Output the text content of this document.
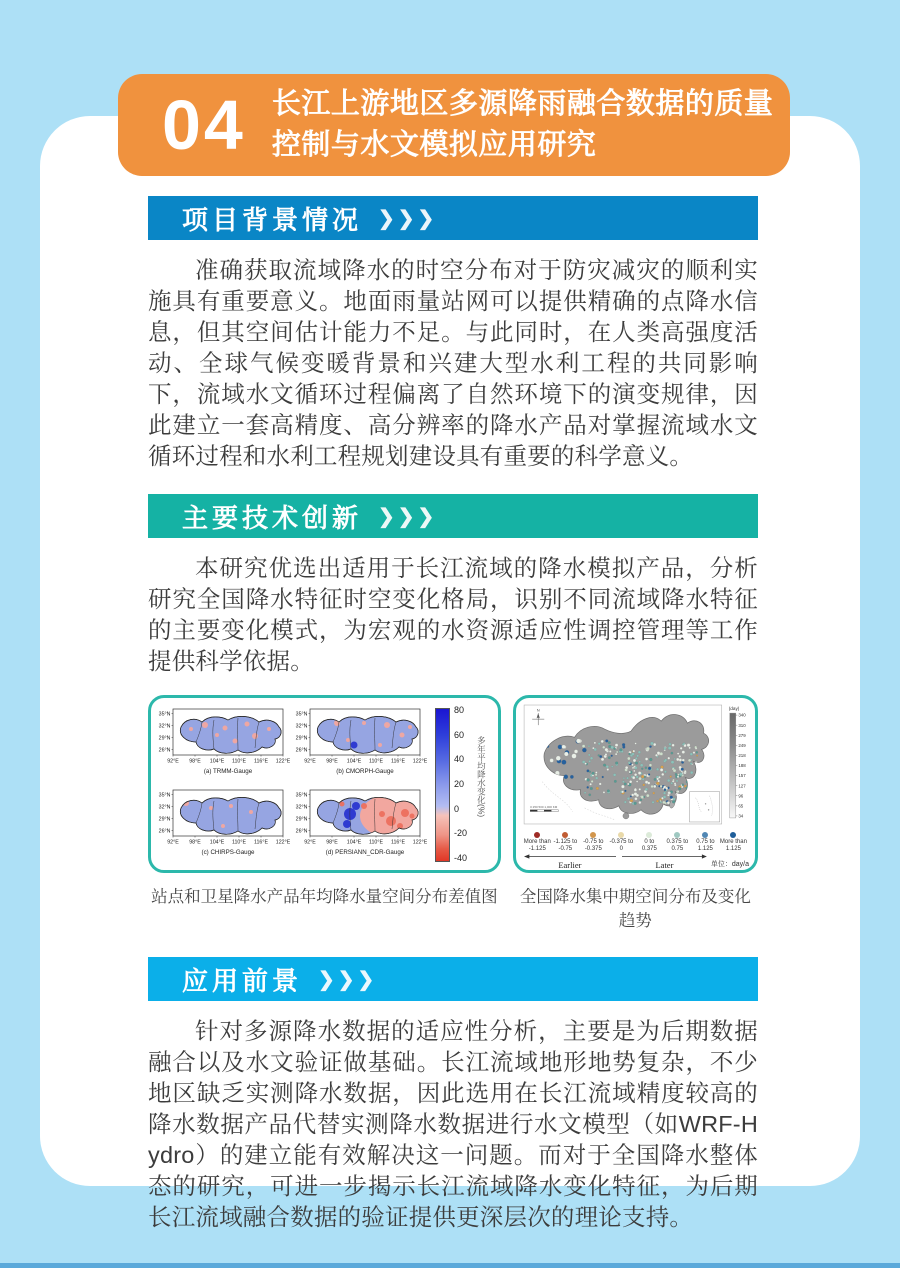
04 长江上游地区多源降雨融合数据的质量控制与水文模拟应用研究
项目背景情况 ❯❯❯

准确获取流域降水的时空分布对于防灾减灾的顺利实施具有重要意义。地面雨量站网可以提供精确的点降水信息，但其空间估计能力不足。与此同时，在人类高强度活动、全球气候变暖背景和兴建大型水利工程的共同影响下，流域水文循环过程偏离了自然环境下的演变规律，因此建立一套高精度、高分辨率的降水产品对掌握流域水文循环过程和水利工程规划建设具有重要的科学意义。

主要技术创新 ❯❯❯

本研究优选出适用于长江流域的降水模拟产品，分析研究全国降水特征时空变化格局，识别不同流域降水特征的主要变化模式，为宏观的水资源适应性调控管理等工作提供科学依据。

35°N
32°N
29°N
26°N
92°E 98°E 104°E 110°E 116°E 122°E
(a) TRMM-Gauge
35°N
32°N
29°N
26°N
92°E 98°E 104°E 110°E 116°E 122°E
(b) CMORPH-Gauge
35°N
32°N
29°N
26°N
92°E 98°E 104°E 110°E 116°E 122°E
(c) CHIRPS-Gauge
35°N
32°N
29°N
26°N
92°E 98°E 104°E 110°E 116°E 122°E
(d) PERSIANN_CDR-Gauge
80
60
40
20
0
-20
-40
多年平均降水变化(%)
N
0 250 500 1,000 KM
(day)
340
310
279
249
218
188
157
127
96
65
34
More than
-1.125
-1.125 to
-0.75
-0.75 to
-0.375
-0.375 to
0
0 to
0.375
0.375 to
0.75
0.75 to
1.125
More than
1.125
Earlier	Later	单位：day/a
站点和卫星降水产品年均降水量空间分布差值图	全国降水集中期空间分布及变化趋势
应用前景 ❯❯❯

针对多源降水数据的适应性分析，主要是为后期数据融合以及水文验证做基础。长江流域地形地势复杂，不少地区缺乏实测降水数据，因此选用在长江流域精度较高的降水数据产品代替实测降水数据进行水文模型（如WRF-Hydro）的建立能有效解决这一问题。而对于全国降水整体态的研究，可进一步揭示长江流域降水变化特征，为后期长江流域融合数据的验证提供更深层次的理论支持。
